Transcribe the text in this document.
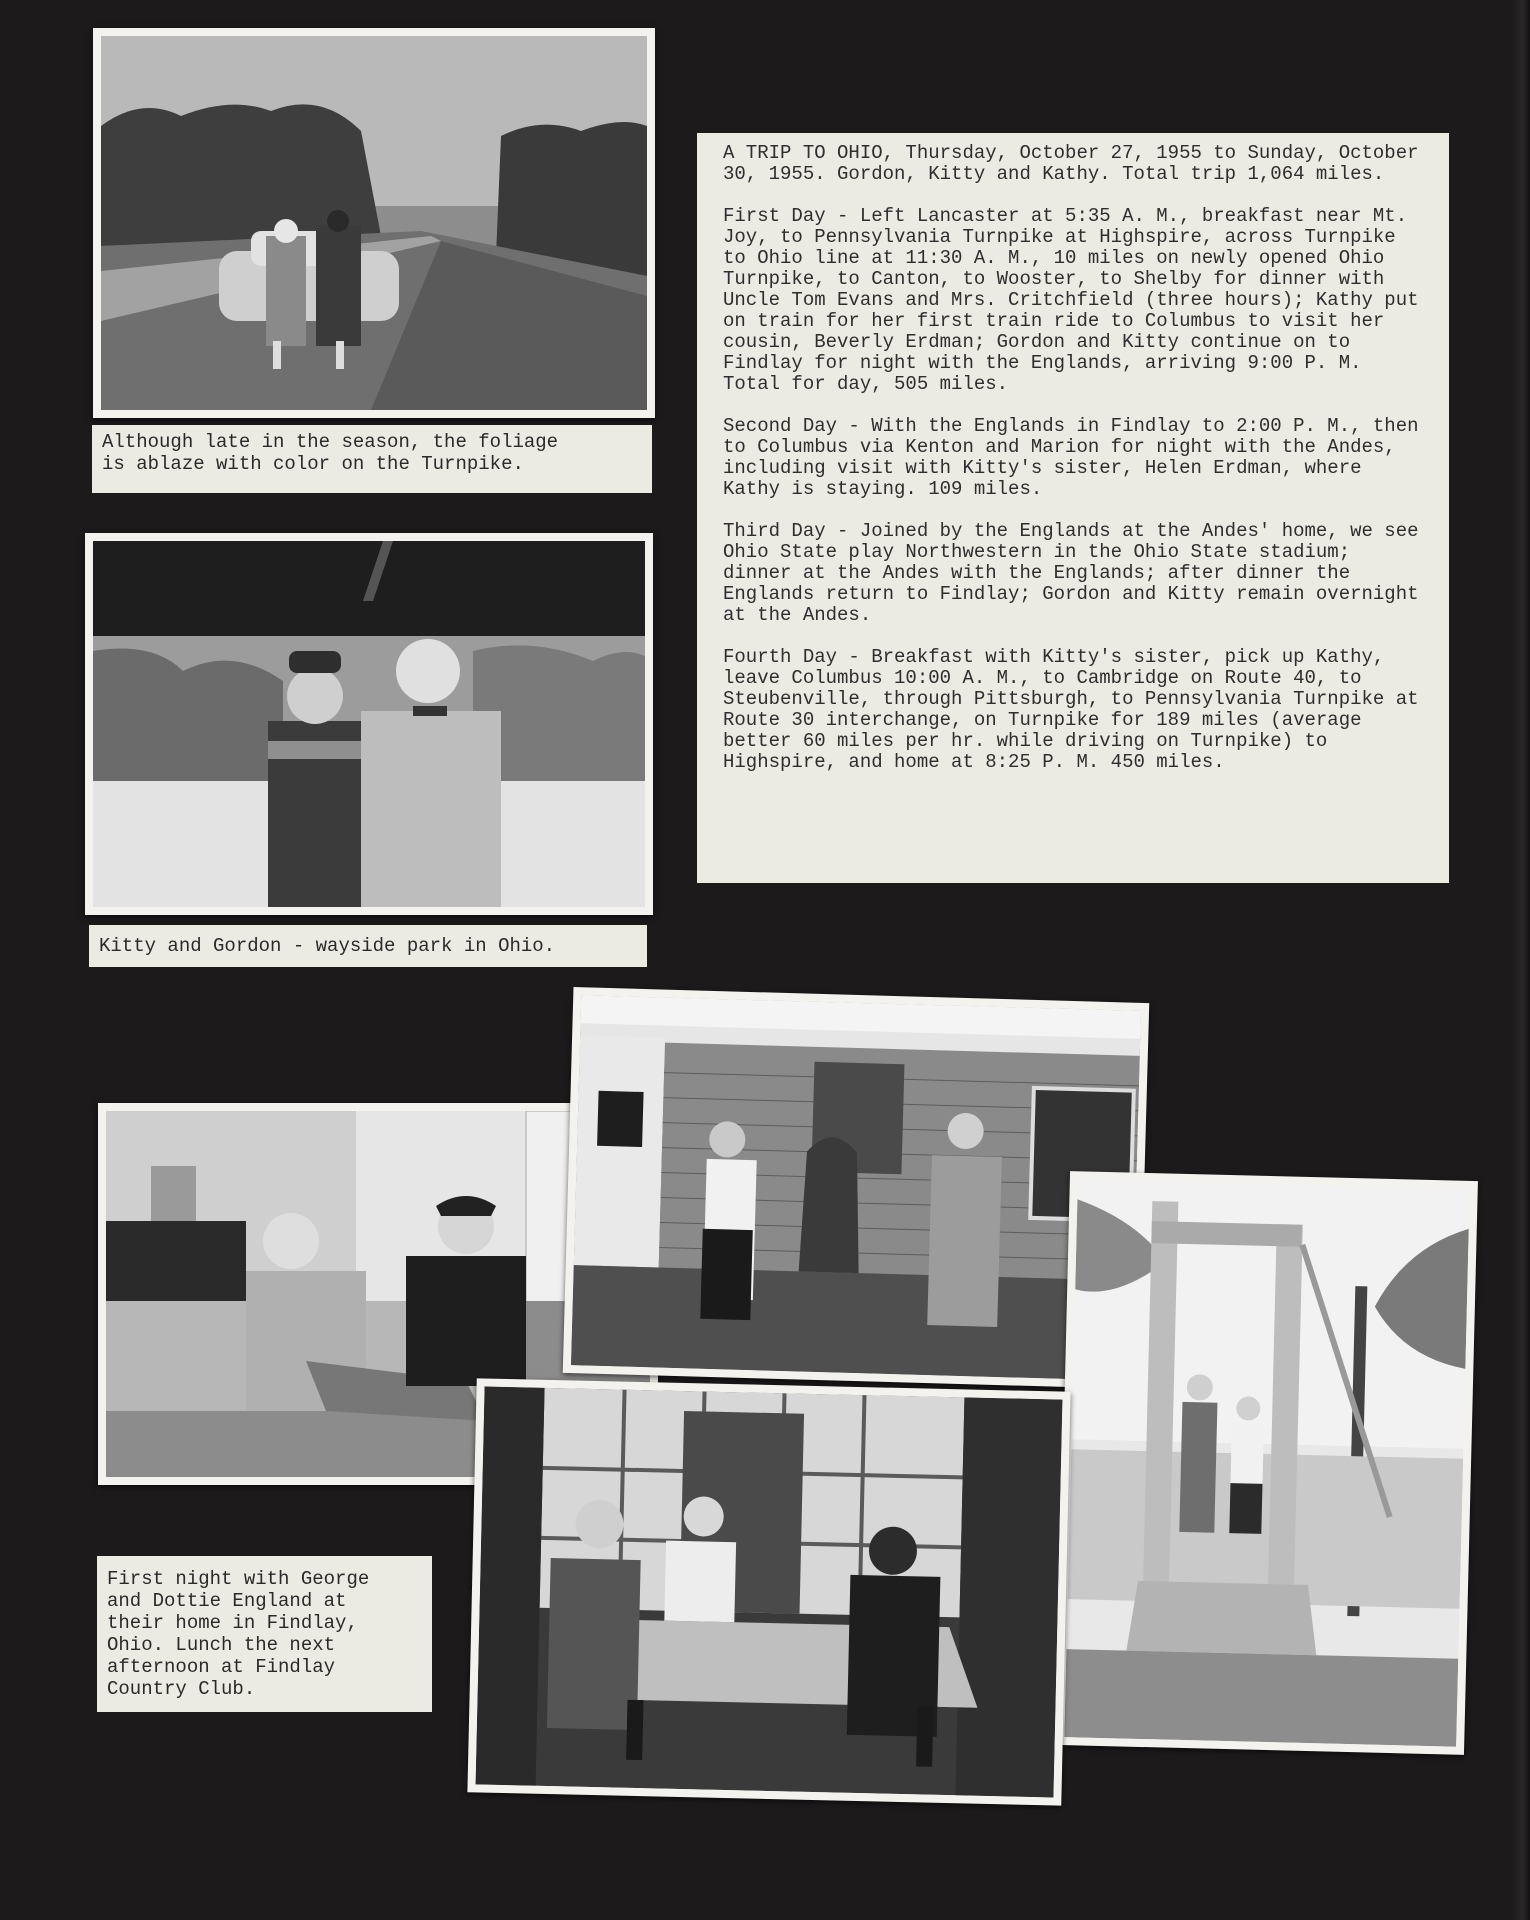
Although late in the season, the foliage
is ablaze with color on the Turnpike.
Kitty and Gordon - wayside park in Ohio.
First night with George
and Dottie England at
their home in Findlay,
Ohio. Lunch the next
afternoon at Findlay
Country Club.

A TRIP TO OHIO, Thursday, October 27, 1955 to Sunday, October 30, 1955. Gordon, Kitty and Kathy. Total trip 1,064 miles.

First Day - Left Lancaster at 5:35 A. M., breakfast near Mt. Joy, to Pennsylvania Turnpike at Highspire, across Turnpike to Ohio line at 11:30 A. M., 10 miles on newly opened Ohio Turnpike, to Canton, to Wooster, to Shelby for dinner with Uncle Tom Evans and Mrs. Critchfield (three hours); Kathy put on train for her first train ride to Columbus to visit her cousin, Beverly Erdman; Gordon and Kitty continue on to Findlay for night with the Englands, arriving 9:00 P. M. Total for day, 505 miles.

Second Day - With the Englands in Findlay to 2:00 P. M., then to Columbus via Kenton and Marion for night with the Andes, including visit with Kitty's sister, Helen Erdman, where Kathy is staying. 109 miles.

Third Day - Joined by the Englands at the Andes' home, we see Ohio State play Northwestern in the Ohio State stadium; dinner at the Andes with the Englands; after dinner the Englands return to Findlay; Gordon and Kitty remain overnight at the Andes.

Fourth Day - Breakfast with Kitty's sister, pick up Kathy, leave Columbus 10:00 A. M., to Cambridge on Route 40, to Steubenville, through Pittsburgh, to Pennsylvania Turnpike at Route 30 interchange, on Turnpike for 189 miles (average better 60 miles per hr. while driving on Turnpike) to Highspire, and home at 8:25 P. M. 450 miles.
